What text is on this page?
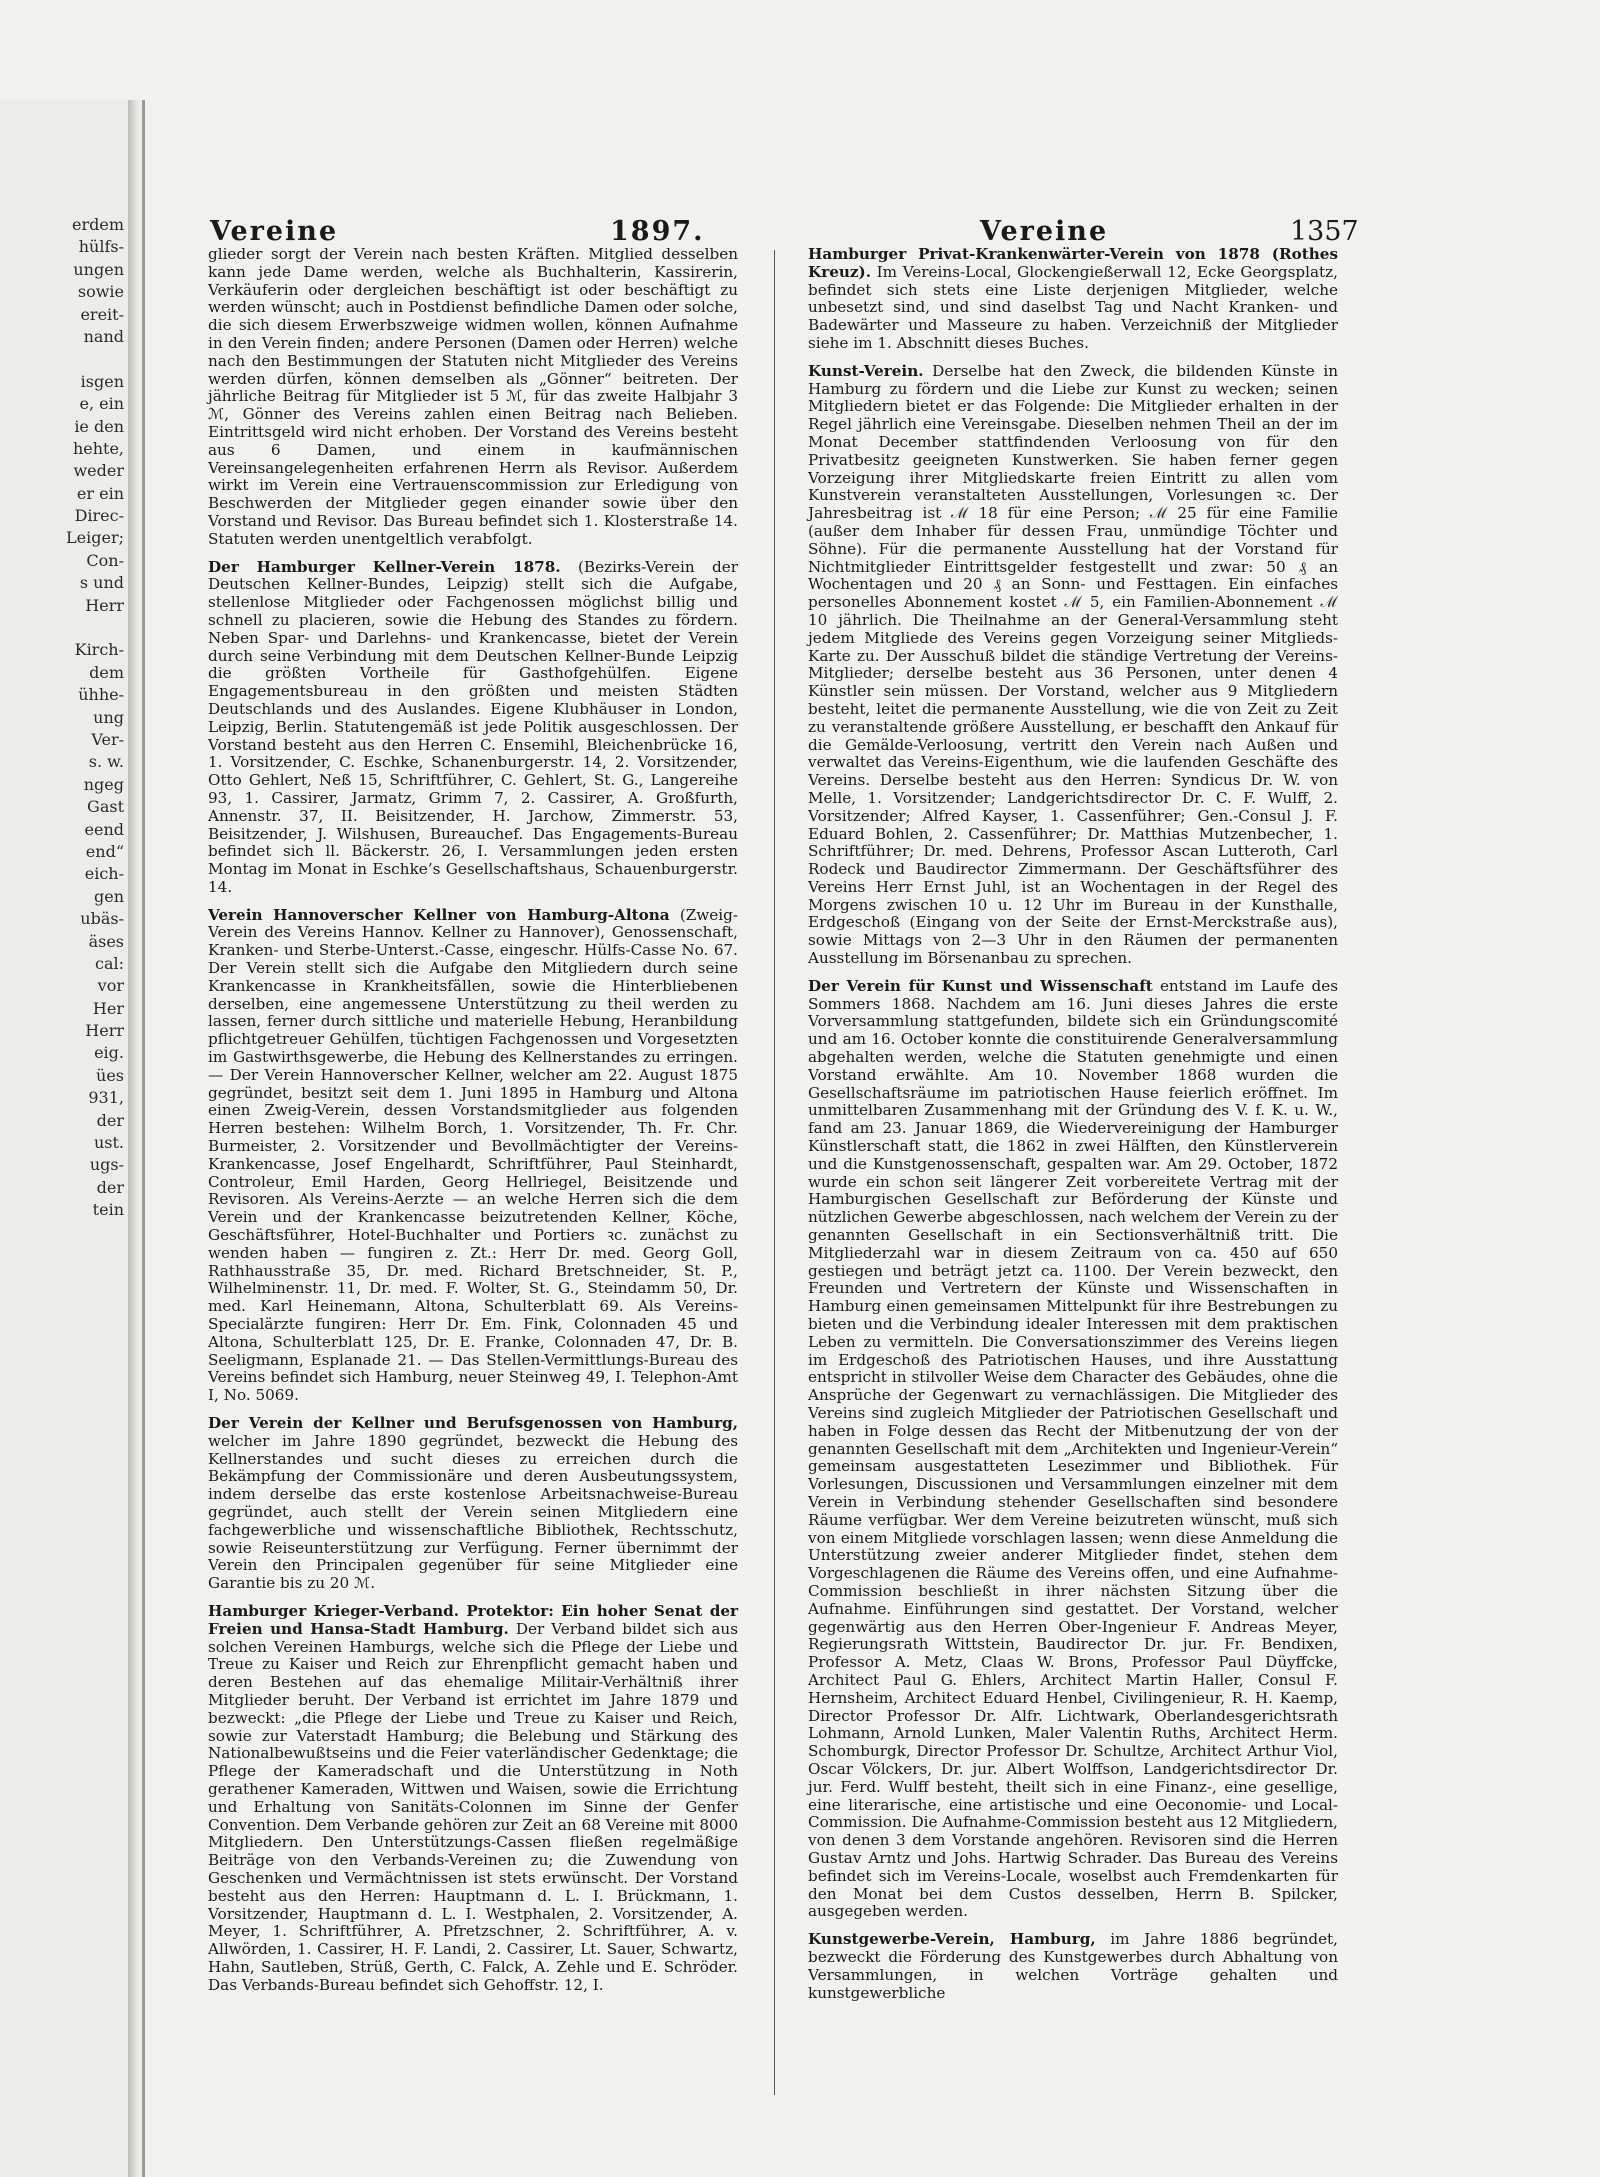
erdem
hülfs-
ungen
sowie
ereit-
nand
isgen
e, ein
ie den
hehte,
weder
er ein
Direc-
Leiger;
Con-
s und
Herr
Kirch-
dem
ühhe-
ung
Ver-
s. w.
ngeg
Gast
eend
end“
eich-
gen
ubäs-
äses
cal:
vor
Her
Herr
eig.
ües
931,
der
ust.
ugs-
der
tein
Vereine	1897.	Vereine	1357

glieder sorgt der Verein nach besten Kräften. Mitglied desselben kann jede Dame werden, welche als Buchhalterin, Kassirerin, Verkäuferin oder dergleichen beschäftigt ist oder beschäftigt zu werden wünscht; auch in Postdienst befindliche Damen oder solche, die sich diesem Erwerbszweige widmen wollen, können Aufnahme in den Verein finden; andere Personen (Damen oder Herren) welche nach den Bestimmungen der Statuten nicht Mitglieder des Vereins werden dürfen, können demselben als „Gönner“ beitreten. Der jährliche Beitrag für Mitglieder ist 5 ℳ, für das zweite Halbjahr 3 ℳ, Gönner des Vereins zahlen einen Beitrag nach Belieben. Eintrittsgeld wird nicht erhoben. Der Vorstand des Vereins besteht aus 6 Damen, und einem in kaufmännischen Vereinsangelegenheiten erfahrenen Herrn als Revisor. Außerdem wirkt im Verein eine Vertrauenscommission zur Erledigung von Beschwerden der Mitglieder gegen einander sowie über den Vorstand und Revisor. Das Bureau befindet sich 1. Klosterstraße 14. Statuten werden unentgeltlich verabfolgt.

Der Hamburger Kellner-Verein 1878. (Bezirks-Verein der Deutschen Kellner-Bundes, Leipzig) stellt sich die Aufgabe, stellenlose Mitglieder oder Fachgenossen möglichst billig und schnell zu placieren, sowie die Hebung des Standes zu fördern. Neben Spar- und Darlehns- und Krankencasse, bietet der Verein durch seine Verbindung mit dem Deutschen Kellner-Bunde Leipzig die größten Vortheile für Gasthofgehülfen. Eigene Engagementsbureau in den größten und meisten Städten Deutschlands und des Auslandes. Eigene Klubhäuser in London, Leipzig, Berlin. Statutengemäß ist jede Politik ausgeschlossen. Der Vorstand besteht aus den Herren C. Ensemihl, Bleichenbrücke 16, 1. Vorsitzender, C. Eschke, Schanenburgerstr. 14, 2. Vorsitzender, Otto Gehlert, Neß 15, Schriftführer, C. Gehlert, St. G., Langereihe 93, 1. Cassirer, Jarmatz, Grimm 7, 2. Cassirer, A. Großfurth, Annenstr. 37, II. Beisitzender, H. Jarchow, Zimmerstr. 53, Beisitzender, J. Wilshusen, Bureauchef. Das Engagements-Bureau befindet sich ll. Bäckerstr. 26, I. Versammlungen jeden ersten Montag im Monat in Eschke’s Gesellschaftshaus, Schauenburgerstr. 14.

Verein Hannoverscher Kellner von Hamburg-Altona (Zweig-Verein des Vereins Hannov. Kellner zu Hannover), Genossenschaft, Kranken- und Sterbe-Unterst.-Casse, eingeschr. Hülfs-Casse No. 67. Der Verein stellt sich die Aufgabe den Mitgliedern durch seine Krankencasse in Krankheitsfällen, sowie die Hinterbliebenen derselben, eine angemessene Unterstützung zu theil werden zu lassen, ferner durch sittliche und materielle Hebung, Heranbildung pflichtgetreuer Gehülfen, tüchtigen Fachgenossen und Vorgesetzten im Gastwirthsgewerbe, die Hebung des Kellnerstandes zu erringen. — Der Verein Hannoverscher Kellner, welcher am 22. August 1875 gegründet, besitzt seit dem 1. Juni 1895 in Hamburg und Altona einen Zweig-Verein, dessen Vorstandsmitglieder aus folgenden Herren bestehen: Wilhelm Borch, 1. Vorsitzender, Th. Fr. Chr. Burmeister, 2. Vorsitzender und Bevollmächtigter der Vereins-Krankencasse, Josef Engelhardt, Schriftführer, Paul Steinhardt, Controleur, Emil Harden, Georg Hellriegel, Beisitzende und Revisoren. Als Vereins-Aerzte — an welche Herren sich die dem Verein und der Krankencasse beizutretenden Kellner, Köche, Geschäftsführer, Hotel-Buchhalter und Portiers ꝛc. zunächst zu wenden haben — fungiren z. Zt.: Herr Dr. med. Georg Goll, Rathhausstraße 35, Dr. med. Richard Bretschneider, St. P., Wilhelminenstr. 11, Dr. med. F. Wolter, St. G., Steindamm 50, Dr. med. Karl Heinemann, Altona, Schulterblatt 69. Als Vereins-Specialärzte fungiren: Herr Dr. Em. Fink, Colonnaden 45 und Altona, Schulterblatt 125, Dr. E. Franke, Colonnaden 47, Dr. B. Seeligmann, Esplanade 21. — Das Stellen-Vermittlungs-Bureau des Vereins befindet sich Hamburg, neuer Steinweg 49, I. Telephon-Amt I, No. 5069.

Der Verein der Kellner und Berufsgenossen von Hamburg, welcher im Jahre 1890 gegründet, bezweckt die Hebung des Kellnerstandes und sucht dieses zu erreichen durch die Bekämpfung der Commissionäre und deren Ausbeutungssystem, indem derselbe das erste kostenlose Arbeitsnachweise-Bureau gegründet, auch stellt der Verein seinen Mitgliedern eine fachgewerbliche und wissenschaftliche Bibliothek, Rechtsschutz, sowie Reiseunterstützung zur Verfügung. Ferner übernimmt der Verein den Principalen gegenüber für seine Mitglieder eine Garantie bis zu 20 ℳ.

Hamburger Krieger-Verband. Protektor: Ein hoher Senat der Freien und Hansa-Stadt Hamburg. Der Verband bildet sich aus solchen Vereinen Hamburgs, welche sich die Pflege der Liebe und Treue zu Kaiser und Reich zur Ehrenpflicht gemacht haben und deren Bestehen auf das ehemalige Militair-Verhältniß ihrer Mitglieder beruht. Der Verband ist errichtet im Jahre 1879 und bezweckt: „die Pflege der Liebe und Treue zu Kaiser und Reich, sowie zur Vaterstadt Hamburg; die Belebung und Stärkung des Nationalbewußtseins und die Feier vaterländischer Gedenktage; die Pflege der Kameradschaft und die Unterstützung in Noth gerathener Kameraden, Wittwen und Waisen, sowie die Errichtung und Erhaltung von Sanitäts-Colonnen im Sinne der Genfer Convention. Dem Verbande gehören zur Zeit an 68 Vereine mit 8000 Mitgliedern. Den Unterstützungs-Cassen fließen regelmäßige Beiträge von den Verbands-Vereinen zu; die Zuwendung von Geschenken und Vermächtnissen ist stets erwünscht. Der Vorstand besteht aus den Herren: Hauptmann d. L. I. Brückmann, 1. Vorsitzender, Hauptmann d. L. I. Westphalen, 2. Vorsitzender, A. Meyer, 1. Schriftführer, A. Pfretzschner, 2. Schriftführer, A. v. Allwörden, 1. Cassirer, H. F. Landi, 2. Cassirer, Lt. Sauer, Schwartz, Hahn, Sautleben, Strüß, Gerth, C. Falck, A. Zehle und E. Schröder. Das Verbands-Bureau befindet sich Gehoffstr. 12, I.

Hamburger Privat-Krankenwärter-Verein von 1878 (Rothes Kreuz). Im Vereins-Local, Glockengießerwall 12, Ecke Georgsplatz, befindet sich stets eine Liste derjenigen Mitglieder, welche unbesetzt sind, und sind daselbst Tag und Nacht Kranken- und Badewärter und Masseure zu haben. Verzeichniß der Mitglieder siehe im 1. Abschnitt dieses Buches.

Kunst-Verein. Derselbe hat den Zweck, die bildenden Künste in Hamburg zu fördern und die Liebe zur Kunst zu wecken; seinen Mitgliedern bietet er das Folgende: Die Mitglieder erhalten in der Regel jährlich eine Vereinsgabe. Dieselben nehmen Theil an der im Monat December stattfindenden Verloosung von für den Privatbesitz geeigneten Kunstwerken. Sie haben ferner gegen Vorzeigung ihrer Mitgliedskarte freien Eintritt zu allen vom Kunstverein veranstalteten Ausstellungen, Vorlesungen ꝛc. Der Jahresbeitrag ist ℳ 18 für eine Person; ℳ 25 für eine Familie (außer dem Inhaber für dessen Frau, unmündige Töchter und Söhne). Für die permanente Ausstellung hat der Vorstand für Nichtmitglieder Eintrittsgelder festgestellt und zwar: 50 ₰ an Wochentagen und 20 ₰ an Sonn- und Festtagen. Ein einfaches personelles Abonnement kostet ℳ 5, ein Familien-Abonnement ℳ 10 jährlich. Die Theilnahme an der General-Versammlung steht jedem Mitgliede des Vereins gegen Vorzeigung seiner Mitglieds-Karte zu. Der Ausschuß bildet die ständige Vertretung der Vereins-Mitglieder; derselbe besteht aus 36 Personen, unter denen 4 Künstler sein müssen. Der Vorstand, welcher aus 9 Mitgliedern besteht, leitet die permanente Ausstellung, wie die von Zeit zu Zeit zu veranstaltende größere Ausstellung, er beschafft den Ankauf für die Gemälde-Verloosung, vertritt den Verein nach Außen und verwaltet das Vereins-Eigenthum, wie die laufenden Geschäfte des Vereins. Derselbe besteht aus den Herren: Syndicus Dr. W. von Melle, 1. Vorsitzender; Landgerichtsdirector Dr. C. F. Wulff, 2. Vorsitzender; Alfred Kayser, 1. Cassenführer; Gen.-Consul J. F. Eduard Bohlen, 2. Cassenführer; Dr. Matthias Mutzenbecher, 1. Schriftführer; Dr. med. Dehrens, Professor Ascan Lutteroth, Carl Rodeck und Baudirector Zimmermann. Der Geschäftsführer des Vereins Herr Ernst Juhl, ist an Wochentagen in der Regel des Morgens zwischen 10 u. 12 Uhr im Bureau in der Kunsthalle, Erdgeschoß (Eingang von der Seite der Ernst-Merckstraße aus), sowie Mittags von 2—3 Uhr in den Räumen der permanenten Ausstellung im Börsenanbau zu sprechen.

Der Verein für Kunst und Wissenschaft entstand im Laufe des Sommers 1868. Nachdem am 16. Juni dieses Jahres die erste Vorversammlung stattgefunden, bildete sich ein Gründungscomité und am 16. October konnte die constituirende Generalversammlung abgehalten werden, welche die Statuten genehmigte und einen Vorstand erwählte. Am 10. November 1868 wurden die Gesellschaftsräume im patriotischen Hause feierlich eröffnet. Im unmittelbaren Zusammenhang mit der Gründung des V. f. K. u. W., fand am 23. Januar 1869, die Wiedervereinigung der Hamburger Künstlerschaft statt, die 1862 in zwei Hälften, den Künstlerverein und die Kunstgenossenschaft, gespalten war. Am 29. October, 1872 wurde ein schon seit längerer Zeit vorbereitete Vertrag mit der Hamburgischen Gesellschaft zur Beförderung der Künste und nützlichen Gewerbe abgeschlossen, nach welchem der Verein zu der genannten Gesellschaft in ein Sectionsverhältniß tritt. Die Mitgliederzahl war in diesem Zeitraum von ca. 450 auf 650 gestiegen und beträgt jetzt ca. 1100. Der Verein bezweckt, den Freunden und Vertretern der Künste und Wissenschaften in Hamburg einen gemeinsamen Mittelpunkt für ihre Bestrebungen zu bieten und die Verbindung idealer Interessen mit dem praktischen Leben zu vermitteln. Die Conversationszimmer des Vereins liegen im Erdgeschoß des Patriotischen Hauses, und ihre Ausstattung entspricht in stilvoller Weise dem Character des Gebäudes, ohne die Ansprüche der Gegenwart zu vernachlässigen. Die Mitglieder des Vereins sind zugleich Mitglieder der Patriotischen Gesellschaft und haben in Folge dessen das Recht der Mitbenutzung der von der genannten Gesellschaft mit dem „Architekten und Ingenieur-Verein“ gemeinsam ausgestatteten Lesezimmer und Bibliothek. Für Vorlesungen, Discussionen und Versammlungen einzelner mit dem Verein in Verbindung stehender Gesellschaften sind besondere Räume verfügbar. Wer dem Vereine beizutreten wünscht, muß sich von einem Mitgliede vorschlagen lassen; wenn diese Anmeldung die Unterstützung zweier anderer Mitglieder findet, stehen dem Vorgeschlagenen die Räume des Vereins offen, und eine Aufnahme-Commission beschließt in ihrer nächsten Sitzung über die Aufnahme. Einführungen sind gestattet. Der Vorstand, welcher gegenwärtig aus den Herren Ober-Ingenieur F. Andreas Meyer, Regierungsrath Wittstein, Baudirector Dr. jur. Fr. Bendixen, Professor A. Metz, Claas W. Brons, Professor Paul Düyffcke, Architect Paul G. Ehlers, Architect Martin Haller, Consul F. Hernsheim, Architect Eduard Henbel, Civilingenieur, R. H. Kaemp, Director Professor Dr. Alfr. Lichtwark, Oberlandesgerichtsrath Lohmann, Arnold Lunken, Maler Valentin Ruths, Architect Herm. Schomburgk, Director Professor Dr. Schultze, Architect Arthur Viol, Oscar Völckers, Dr. jur. Albert Wolffson, Landgerichtsdirector Dr. jur. Ferd. Wulff besteht, theilt sich in eine Finanz-, eine gesellige, eine literarische, eine artistische und eine Oeconomie- und Local-Commission. Die Aufnahme-Commission besteht aus 12 Mitgliedern, von denen 3 dem Vorstande angehören. Revisoren sind die Herren Gustav Arntz und Johs. Hartwig Schrader. Das Bureau des Vereins befindet sich im Vereins-Locale, woselbst auch Fremdenkarten für den Monat bei dem Custos desselben, Herrn B. Spilcker, ausgegeben werden.

Kunstgewerbe-Verein, Hamburg, im Jahre 1886 begründet, bezweckt die Förderung des Kunstgewerbes durch Abhaltung von Versammlungen, in welchen Vorträge gehalten und kunstgewerbliche
